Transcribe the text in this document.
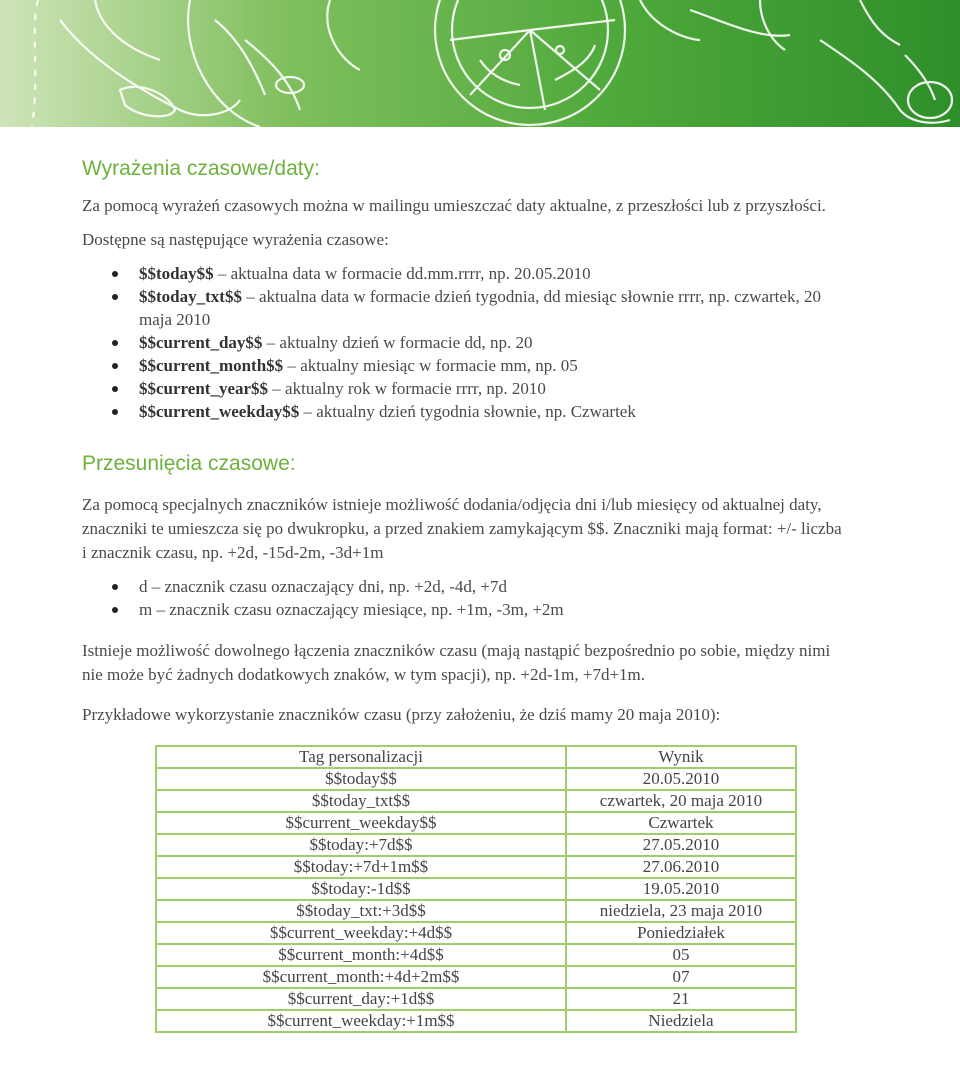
Wyrażenia czasowe/daty:

Za pomocą wyrażeń czasowych można w mailingu umieszczać daty aktualne, z przeszłości lub z przyszłości.

Dostępne są następujące wyrażenia czasowe:

$$today$$ – aktualna data w formacie dd.mm.rrrr, np. 20.05.2010
$$today_txt$$ – aktualna data w formacie dzień tygodnia, dd miesiąc słownie rrrr, np. czwartek, 20 maja 2010
$$current_day$$ – aktualny dzień w formacie dd, np. 20
$$current_month$$ – aktualny miesiąc w formacie mm, np. 05
$$current_year$$ – aktualny rok w formacie rrrr, np. 2010
$$current_weekday$$ – aktualny dzień tygodnia słownie, np. Czwartek
Przesunięcia czasowe:

Za pomocą specjalnych znaczników istnieje możliwość dodania/odjęcia dni i/lub miesięcy od aktualnej daty, znaczniki te umieszcza się po dwukropku, a przed znakiem zamykającym $$. Znaczniki mają format: +/- liczba i znacznik czasu, np. +2d, -15d-2m, -3d+1m

d – znacznik czasu oznaczający dni, np. +2d, -4d, +7d
m – znacznik czasu oznaczający miesiące, np. +1m, -3m, +2m

Istnieje możliwość dowolnego łączenia znaczników czasu (mają nastąpić bezpośrednio po sobie, między nimi nie może być żadnych dodatkowych znaków, w tym spacji), np. +2d-1m, +7d+1m.

Przykładowe wykorzystanie znaczników czasu (przy założeniu, że dziś mamy 20 maja 2010):

Tag personalizacji	Wynik
$$today$$	20.05.2010
$$today_txt$$	czwartek, 20 maja 2010
$$current_weekday$$	Czwartek
$$today:+7d$$	27.05.2010
$$today:+7d+1m$$	27.06.2010
$$today:-1d$$	19.05.2010
$$today_txt:+3d$$	niedziela, 23 maja 2010
$$current_weekday:+4d$$	Poniedziałek
$$current_month:+4d$$	05
$$current_month:+4d+2m$$	07
$$current_day:+1d$$	21
$$current_weekday:+1m$$	Niedziela
